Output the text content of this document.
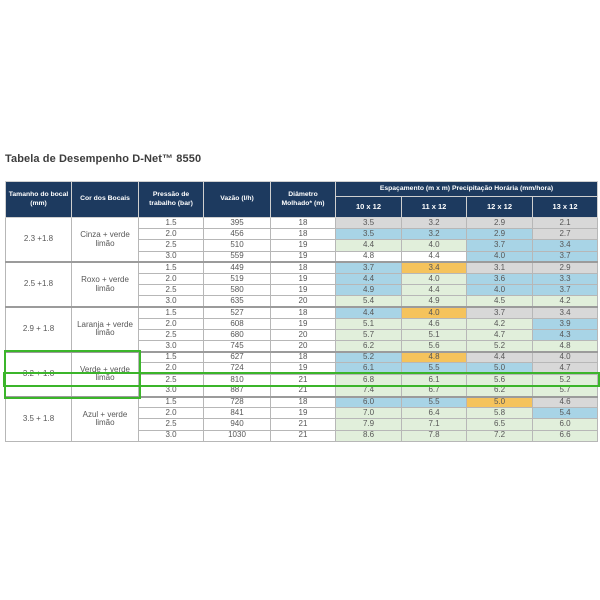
Tabela de Desempenho D-Net™ 8550
Tamanho do bocal (mm)	Cor dos Bocais	Pressão de trabalho (bar)	Vazão (l/h)	Diâmetro Molhado* (m)	Espaçamento (m x m) Precipitação Horária (mm/hora)			
					10 x 12	11 x 12	12 x 12	13 x 12
2.3 +1.8	Cinza + verde limão	1.5	395	18	3.5	3.2	2.9	2.1
		2.0	456	18	3.5	3.2	2.9	2.7
		2.5	510	19	4.4	4.0	3.7	3.4
		3.0	559	19	4.8	4.4	4.0	3.7
2.5 +1.8	Roxo + verde limão	1.5	449	18	3.7	3.4	3.1	2.9
		2.0	519	19	4.4	4.0	3.6	3.3
		2.5	580	19	4.9	4.4	4.0	3.7
		3.0	635	20	5.4	4.9	4.5	4.2
2.9 + 1.8	Laranja + verde limão	1.5	527	18	4.4	4.0	3.7	3.4
		2.0	608	19	5.1	4.6	4.2	3.9
		2.5	680	20	5.7	5.1	4.7	4.3
		3.0	745	20	6.2	5.6	5.2	4.8
3.2 + 1.8	Verde + verde limão	1.5	627	18	5.2	4.8	4.4	4.0
		2.0	724	19	6.1	5.5	5.0	4.7
		2.5	810	21	6.8	6.1	5.6	5.2
		3.0	887	21	7.4	6.7	6.2	5.7
3.5 + 1.8	Azul + verde limão	1.5	728	18	6.0	5.5	5.0	4.6
		2.0	841	19	7.0	6.4	5.8	5.4
		2.5	940	21	7.9	7.1	6.5	6.0
		3.0	1030	21	8.6	7.8	7.2	6.6
